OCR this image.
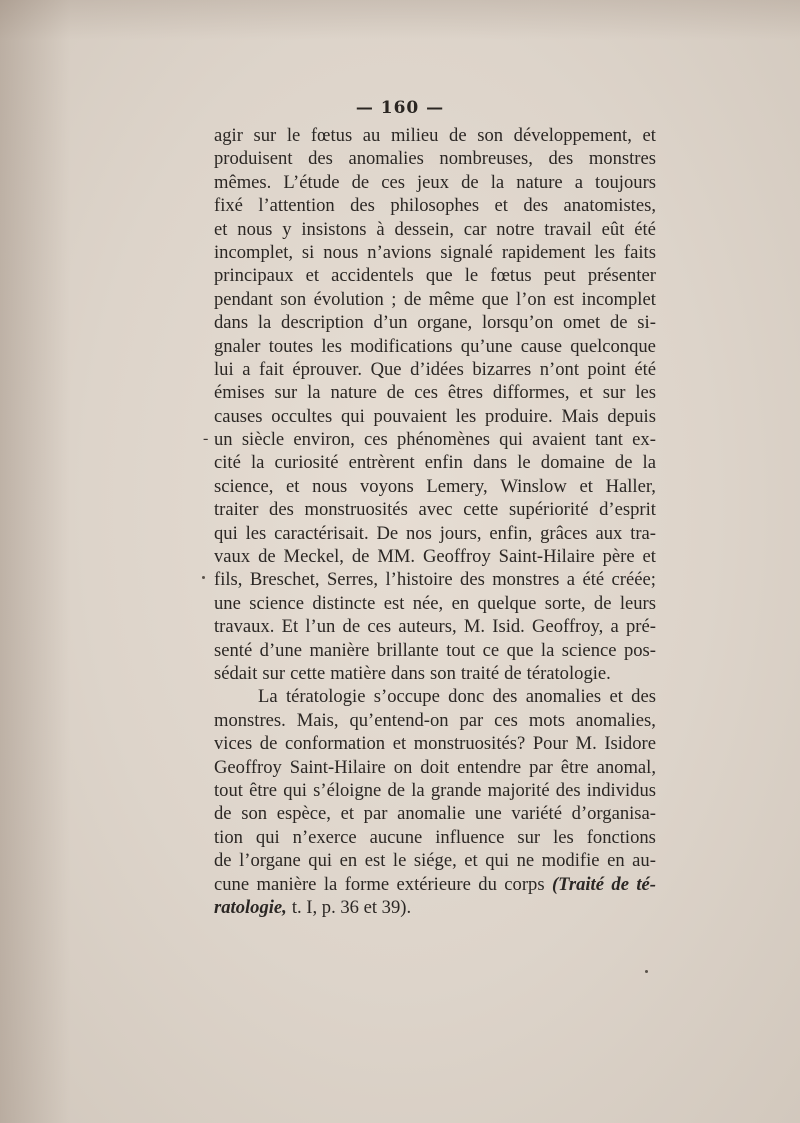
— 160 —
agir sur le fœtus au milieu de son développement, et
produisent des anomalies nombreuses, des monstres
mêmes. L’étude de ces jeux de la nature a toujours
fixé l’attention des philosophes et des anatomistes,
et nous y insistons à dessein, car notre travail eût été
incomplet, si nous n’avions signalé rapidement les faits
principaux et accidentels que le fœtus peut présenter
pendant son évolution ; de même que l’on est incomplet
dans la description d’un organe, lorsqu’on omet de si-
gnaler toutes les modifications qu’une cause quelconque
lui a fait éprouver. Que d’idées bizarres n’ont point été
émises sur la nature de ces êtres difformes, et sur les
causes occultes qui pouvaient les produire. Mais depuis
un siècle environ, ces phénomènes qui avaient tant ex-
cité la curiosité entrèrent enfin dans le domaine de la
science, et nous voyons Lemery, Winslow et Haller,
traiter des monstruosités avec cette supériorité d’esprit
qui les caractérisait. De nos jours, enfin, grâces aux tra-
vaux de Meckel, de MM. Geoffroy Saint-Hilaire père et
fils, Breschet, Serres, l’histoire des monstres a été créée;
une science distincte est née, en quelque sorte, de leurs
travaux. Et l’un de ces auteurs, M. Isid. Geoffroy, a pré-
senté d’une manière brillante tout ce que la science pos-
sédait sur cette matière dans son traité de tératologie.
La tératologie s’occupe donc des anomalies et des
monstres. Mais, qu’entend-on par ces mots anomalies,
vices de conformation et monstruosités? Pour M. Isidore
Geoffroy Saint-Hilaire on doit entendre par être anomal,
tout être qui s’éloigne de la grande majorité des individus
de son espèce, et par anomalie une variété d’organisa-
tion qui n’exerce aucune influence sur les fonctions
de l’organe qui en est le siége, et qui ne modifie en au-
cune manière la forme extérieure du corps (Traité de té-
ratologie, t. I, p. 36 et 39).
-
